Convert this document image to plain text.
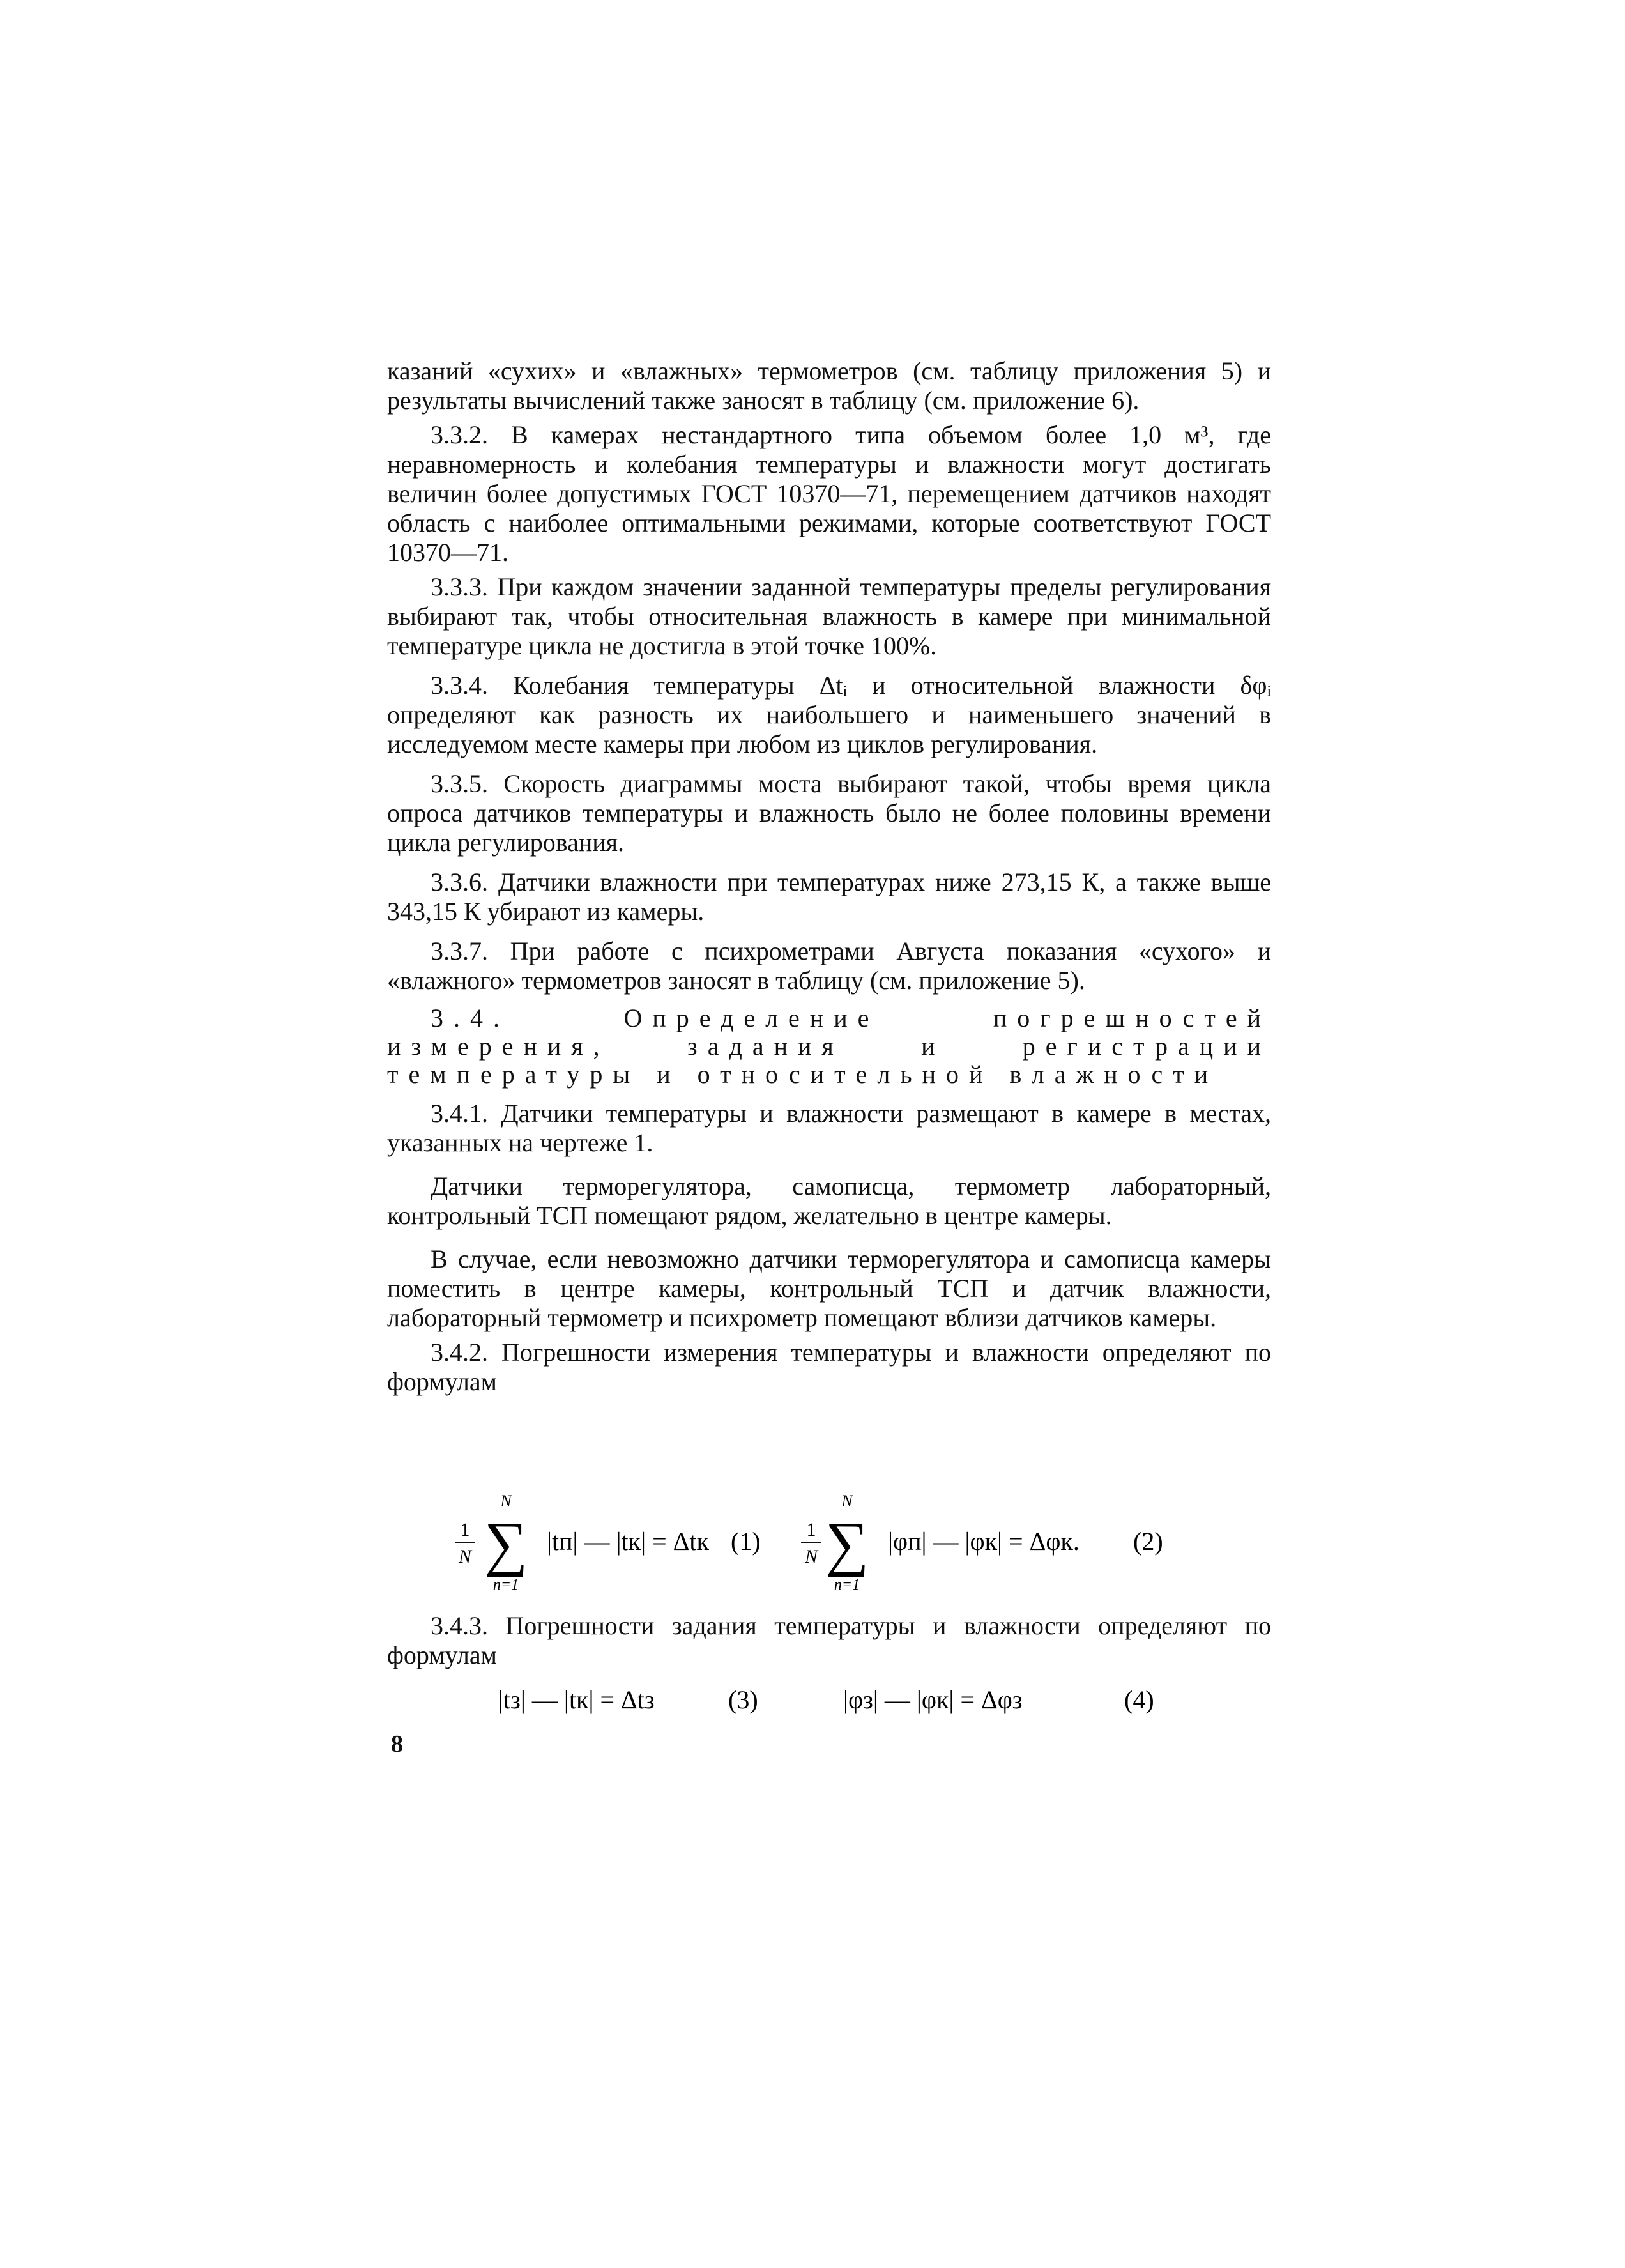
казаний «сухих» и «влажных» термометров (см. таблицу приложения 5) и результаты вычислений также заносят в таблицу (см. приложение 6).

3.3.2. В камерах нестандартного типа объемом более 1,0 м³, где неравномерность и колебания температуры и влажности могут достигать величин более допустимых ГОСТ 10370—71, перемещением датчиков находят область с наиболее оптимальными режимами, которые соответствуют ГОСТ 10370—71.

3.3.3. При каждом значении заданной температуры пределы регулирования выбирают так, чтобы относительная влажность в камере при минимальной температуре цикла не достигла в этой точке 100%.

3.3.4. Колебания температуры Δtᵢ и относительной влажности δφᵢ определяют как разность их наибольшего и наименьшего значений в исследуемом месте камеры при любом из циклов регулирования.

3.3.5. Скорость диаграммы моста выбирают такой, чтобы время цикла опроса датчиков температуры и влажность было не более половины времени цикла регулирования.

3.3.6. Датчики влажности при температурах ниже 273,15 К, а также выше 343,15 К убирают из камеры.

3.3.7. При работе с психрометрами Августа показания «сухого» и «влажного» термометров заносят в таблицу (см. приложение 5).

3.4. Определение погрешностей измерения, задания и регистрации температуры и относительной влажности

3.4.1. Датчики температуры и влажности размещают в камере в местах, указанных на чертеже 1.

Датчики терморегулятора, самописца, термометр лабораторный, контрольный ТСП помещают рядом, желательно в центре камеры.

В случае, если невозможно датчики терморегулятора и самописца камеры поместить в центре камеры, контрольный ТСП и датчик влажности, лабораторный термометр и психрометр помещают вблизи датчиков камеры.

3.4.2. Погрешности измерения температуры и влажности определяют по формулам

1
N
N
∑
n=1
|tп| — |tк| = Δtк (1) 1
N
N
∑
n=1
|φп| — |φк| = Δφк. (2)

3.4.3. Погрешности задания температуры и влажности определяют по формулам

|tз| — |tк| = Δtз	(3)	|φз| — |φк| = Δφз	(4)
8
